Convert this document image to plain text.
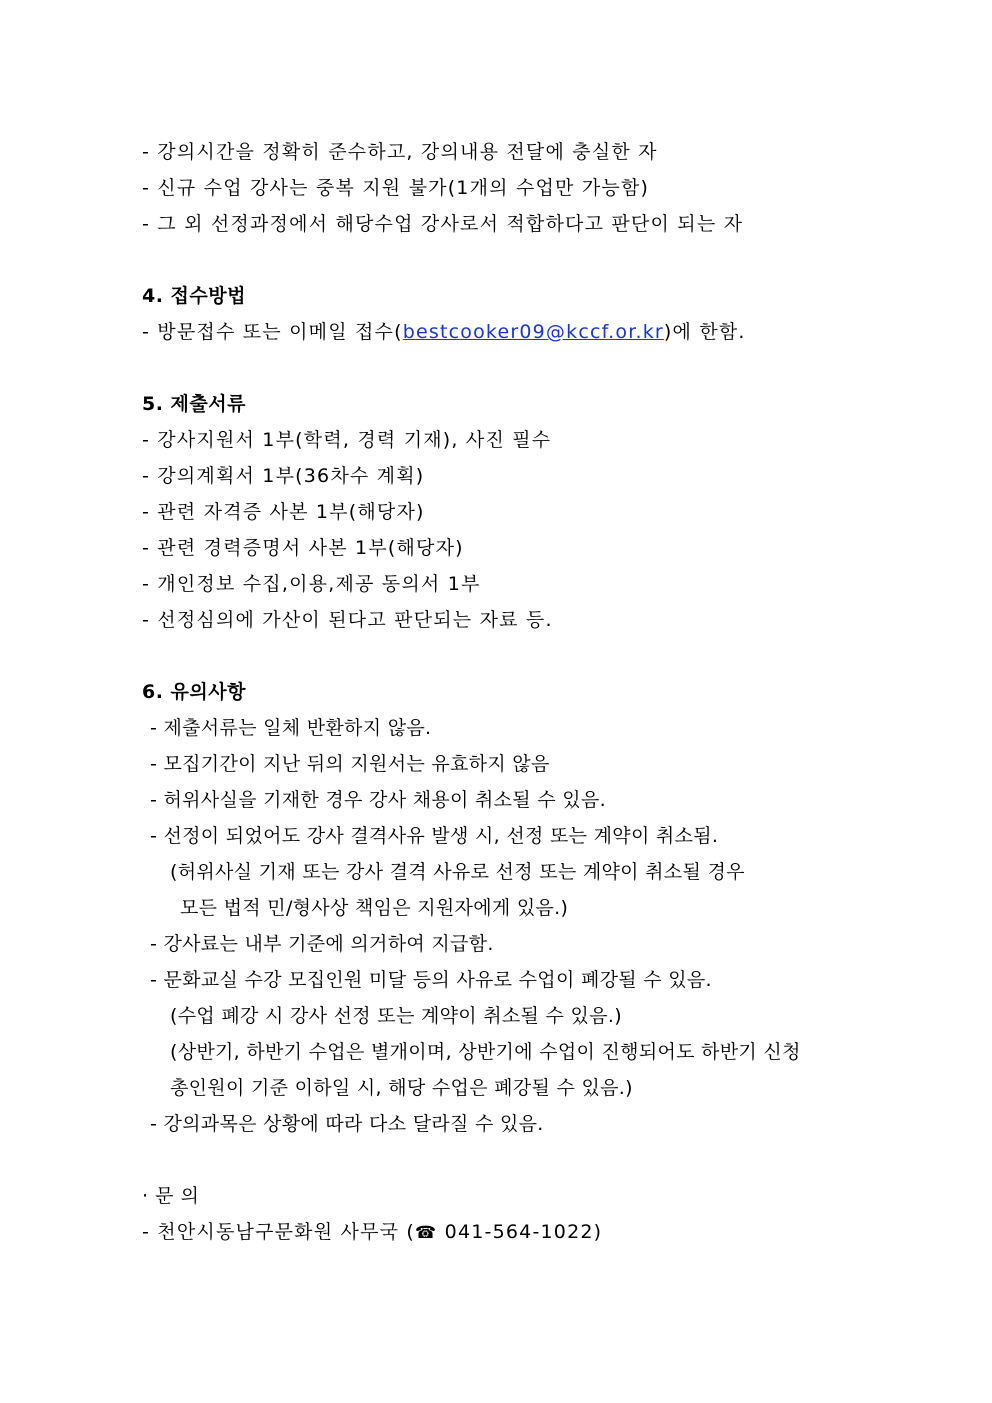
- 강의시간을 정확히 준수하고, 강의내용 전달에 충실한 자
- 신규 수업 강사는 중복 지원 불가(1개의 수업만 가능함)
- 그 외 선정과정에서 해당수업 강사로서 적합하다고 판단이 되는 자
4. 접수방법
- 방문접수 또는 이메일 접수(bestcooker09@kccf.or.kr)에 한함.
5. 제출서류
- 강사지원서 1부(학력, 경력 기재), 사진 필수
- 강의계획서 1부(36차수 계획)
- 관련 자격증 사본 1부(해당자)
- 관련 경력증명서 사본 1부(해당자)
- 개인정보 수집,이용,제공 동의서 1부
- 선정심의에 가산이 된다고 판단되는 자료 등.
6. 유의사항
- 제출서류는 일체 반환하지 않음.
- 모집기간이 지난 뒤의 지원서는 유효하지 않음
- 허위사실을 기재한 경우 강사 채용이 취소될 수 있음.
- 선정이 되었어도 강사 결격사유 발생 시, 선정 또는 계약이 취소됨.
(허위사실 기재 또는 강사 결격 사유로 선정 또는 계약이 취소될 경우
모든 법적 민/형사상 책임은 지원자에게 있음.)
- 강사료는 내부 기준에 의거하여 지급함.
- 문화교실 수강 모집인원 미달 등의 사유로 수업이 폐강될 수 있음.
(수업 폐강 시 강사 선정 또는 계약이 취소될 수 있음.)
(상반기, 하반기 수업은 별개이며, 상반기에 수업이 진행되어도 하반기 신청
총인원이 기준 이하일 시, 해당 수업은 폐강될 수 있음.)
- 강의과목은 상황에 따라 다소 달라질 수 있음.
· 문 의
- 천안시동남구문화원 사무국 (☎ 041-564-1022)
